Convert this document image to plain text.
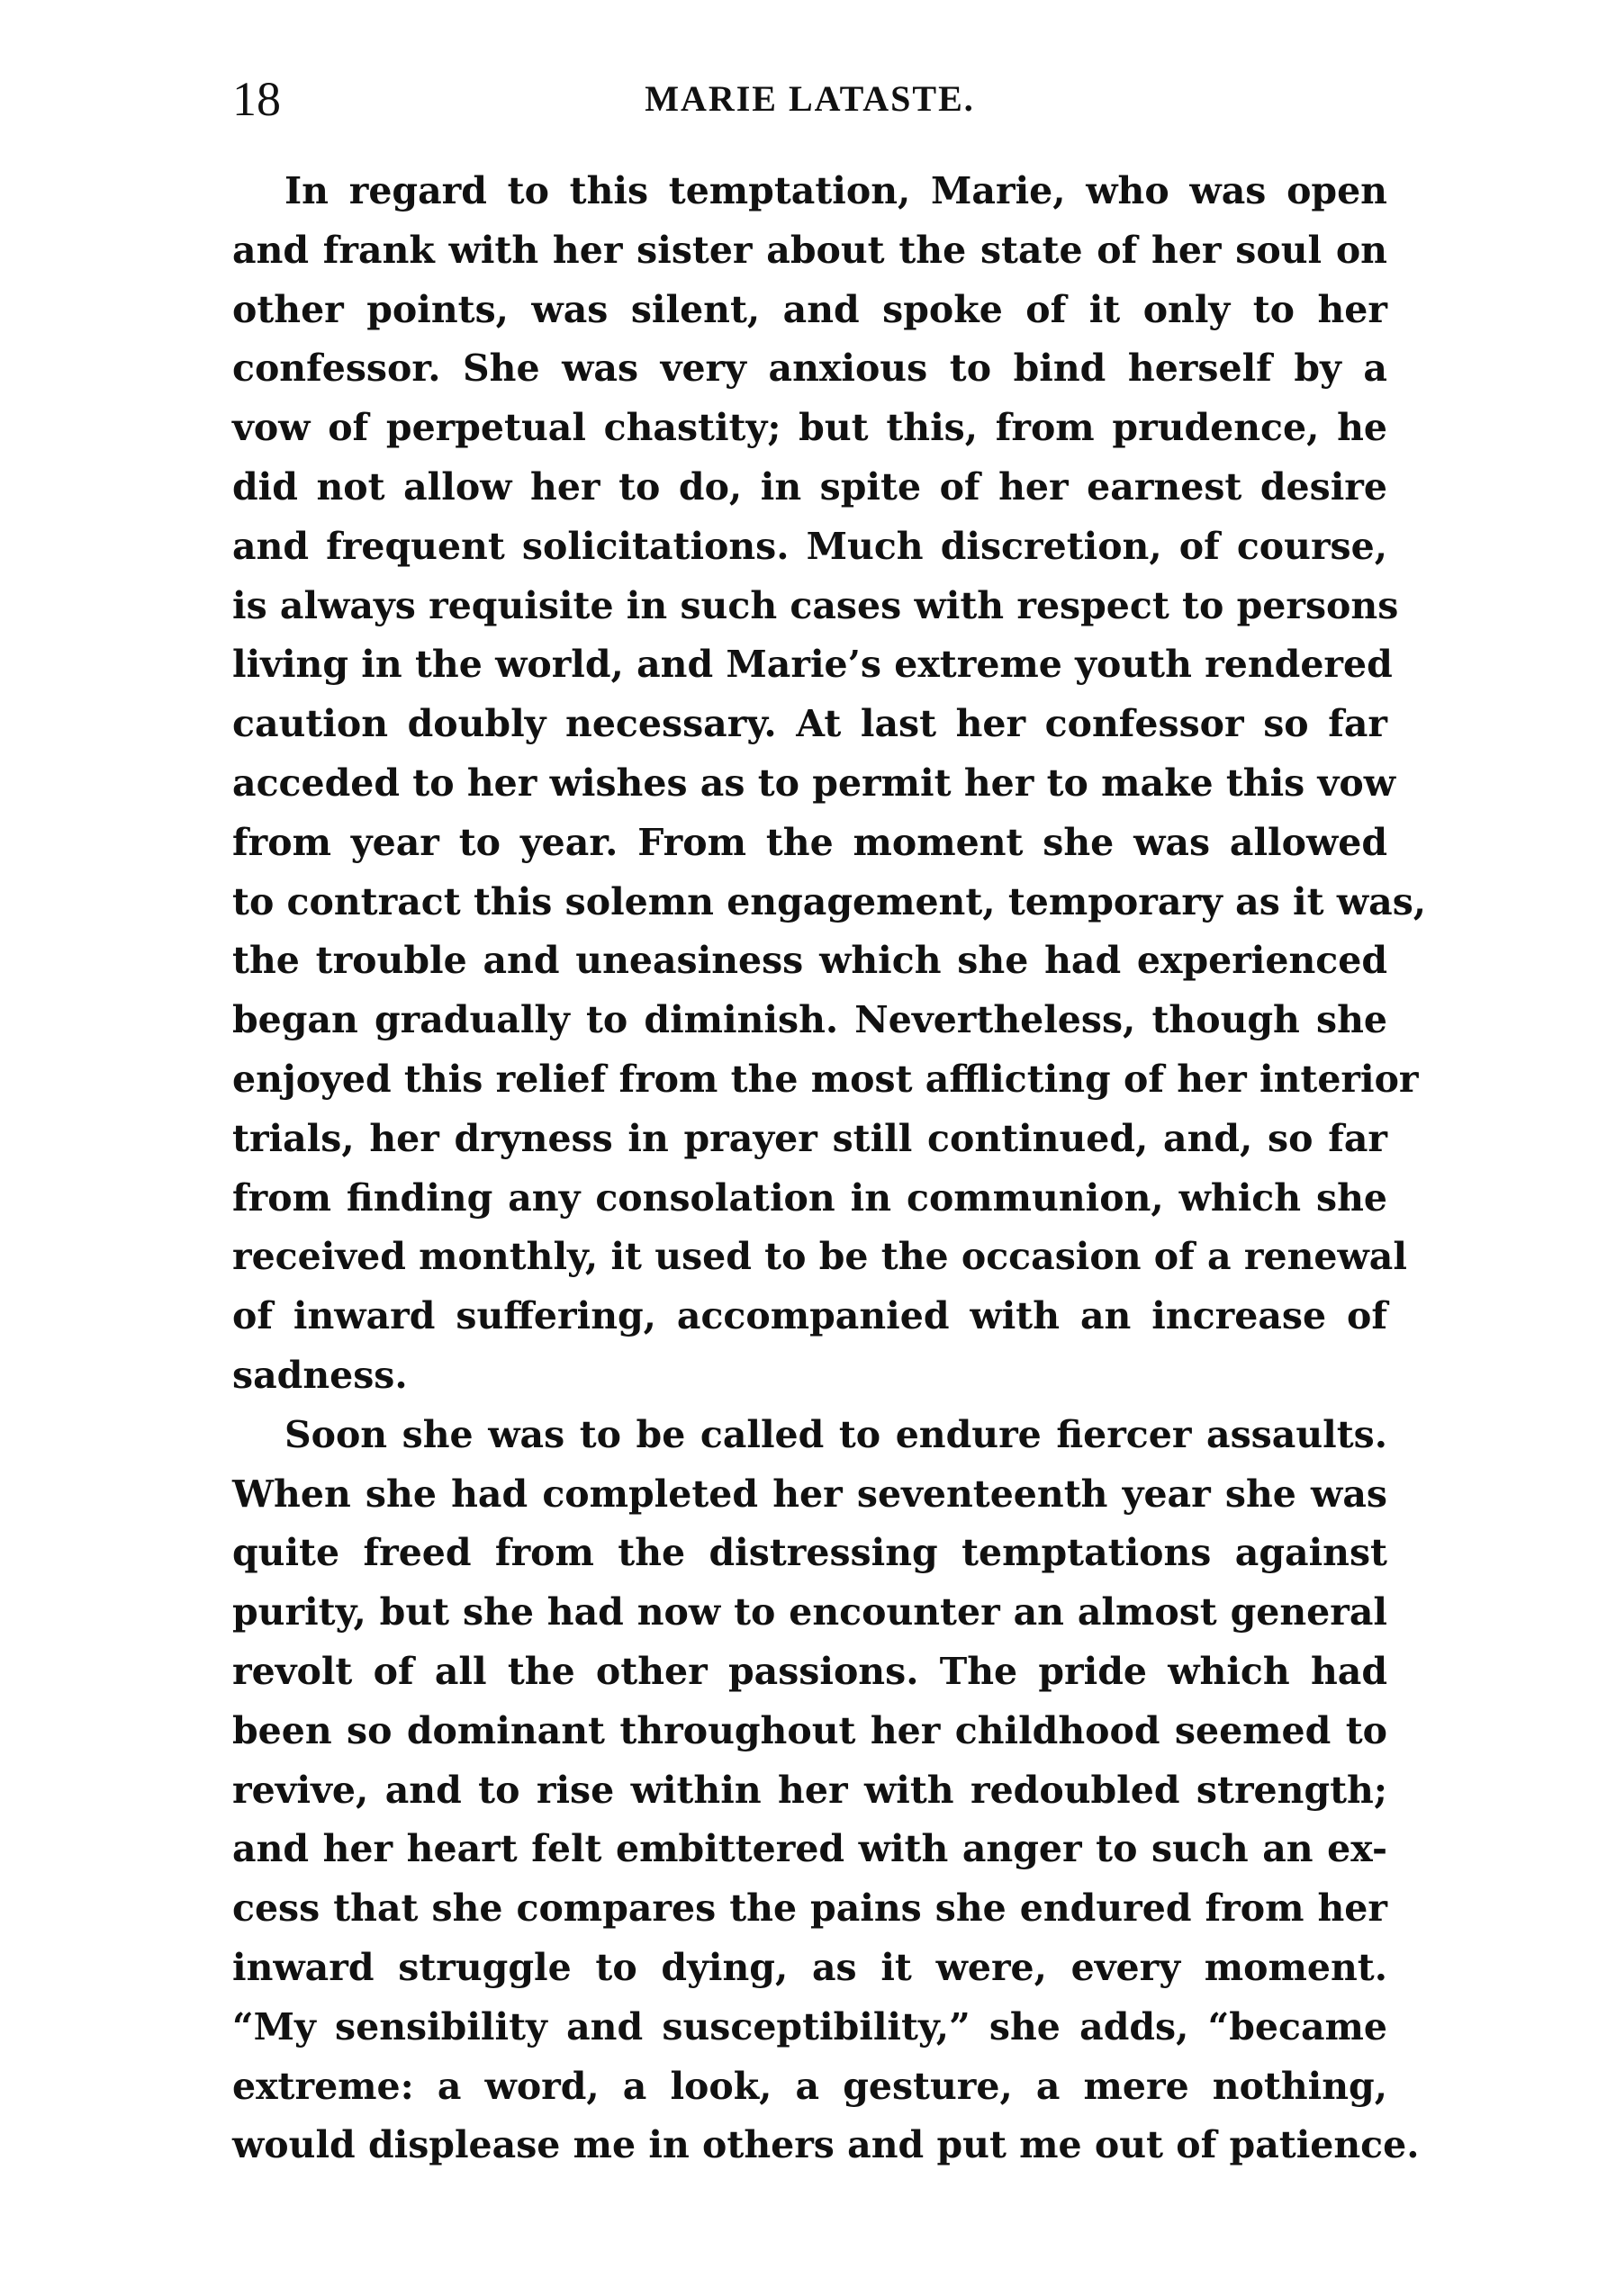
18	MARIE LATASTE.

In regard to this temptation, Marie, who was open
and frank with her sister about the state of her soul on
other points, was silent, and spoke of it only to her
confessor. She was very anxious to bind herself by a
vow of perpetual chastity; but this, from prudence, he
did not allow her to do, in spite of her earnest desire
and frequent solicitations. Much discretion, of course,
is always requisite in such cases with respect to persons
living in the world, and Marie’s extreme youth rendered
caution doubly necessary. At last her confessor so far
acceded to her wishes as to permit her to make this vow
from year to year. From the moment she was allowed
to contract this solemn engagement, temporary as it was,
the trouble and uneasiness which she had experienced
began gradually to diminish. Nevertheless, though she
enjoyed this relief from the most afflicting of her interior
trials, her dryness in prayer still continued, and, so far
from finding any consolation in communion, which she
received monthly, it used to be the occasion of a renewal
of inward suffering, accompanied with an increase of
sadness.

Soon she was to be called to endure fiercer assaults.
When she had completed her seventeenth year she was
quite freed from the distressing temptations against
purity, but she had now to encounter an almost general
revolt of all the other passions. The pride which had
been so dominant throughout her childhood seemed to
revive, and to rise within her with redoubled strength;
and her heart felt embittered with anger to such an ex-
cess that she compares the pains she endured from her
inward struggle to dying, as it were, every moment.
“My sensibility and susceptibility,” she adds, “became
extreme: a word, a look, a gesture, a mere nothing,
would displease me in others and put me out of patience.
